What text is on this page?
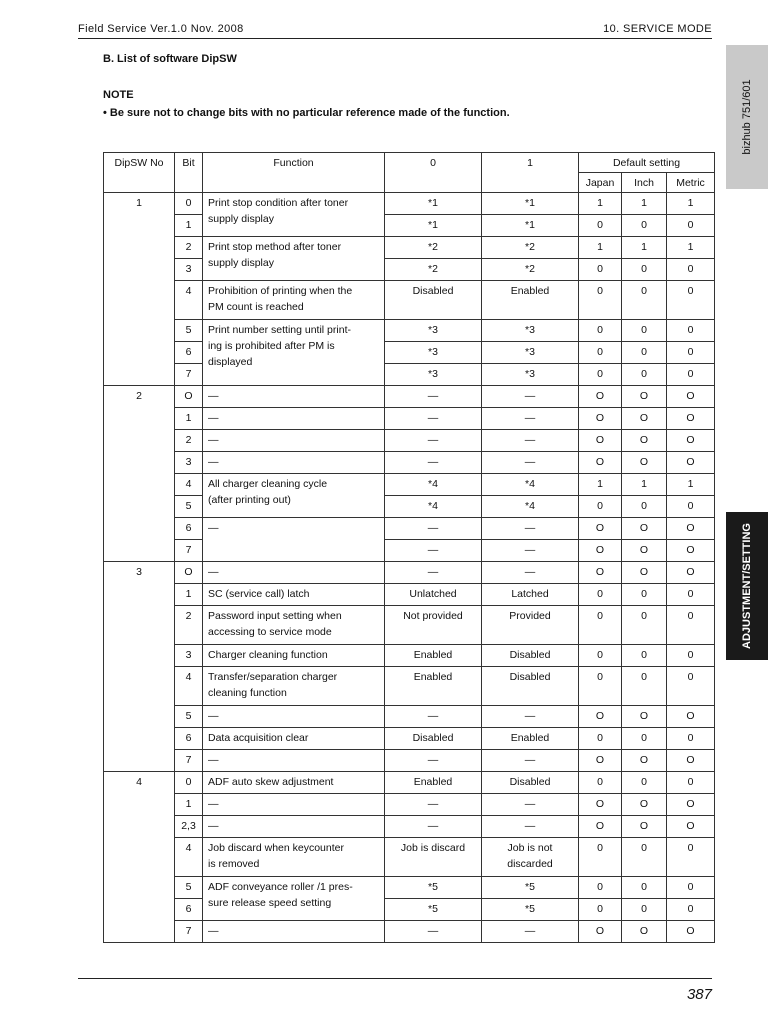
Field Service Ver.1.0 Nov. 2008	10. SERVICE MODE
B. List of software DipSW
NOTE
• Be sure not to change bits with no particular reference made of the function.	bizhub 751/601
ADJUSTMENT/SETTING
DipSW No	Bit	Function	0	1	Default setting		
					Japan	Inch	Metric
1	0	Print stop condition after toner
supply display	*1	*1	1	1	1
	1		*1	*1	0	0	0
	2	Print stop method after toner
supply display	*2	*2	1	1	1
	3		*2	*2	0	0	0
	4	Prohibition of printing when the
PM count is reached	Disabled	Enabled	0	0	0
	5	Print number setting until print-
ing is prohibited after PM is
displayed	*3	*3	0	0	0
	6		*3	*3	0	0	0
	7		*3	*3	0	0	0
2	O	—	—	—	O	O	O
	1	—	—	—	O	O	O
	2	—	—	—	O	O	O
	3	—	—	—	O	O	O
	4	All charger cleaning cycle
(after printing out)	*4	*4	1	1	1
	5		*4	*4	0	0	0
	6	—	—	—	O	O	O
	7		—	—	O	O	O
3	O	—	—	—	O	O	O
	1	SC (service call) latch	Unlatched	Latched	0	0	0
	2	Password input setting when
accessing to service mode	Not provided	Provided	0	0	0
	3	Charger cleaning function	Enabled	Disabled	0	0	0
	4	Transfer/separation charger
cleaning function	Enabled	Disabled	0	0	0
	5	—	—	—	O	O	O
	6	Data acquisition clear	Disabled	Enabled	0	0	0
	7	—	—	—	O	O	O
4	0	ADF auto skew adjustment	Enabled	Disabled	0	0	0
	1	—	—	—	O	O	O
	2,3	—	—	—	O	O	O
	4	Job discard when keycounter
is removed	Job is discard	Job is not
discarded	0	0	0
	5	ADF conveyance roller /1 pres-
sure release speed setting	*5	*5	0	0	0
	6		*5	*5	0	0	0
	7	—	—	—	O	O	O
387
